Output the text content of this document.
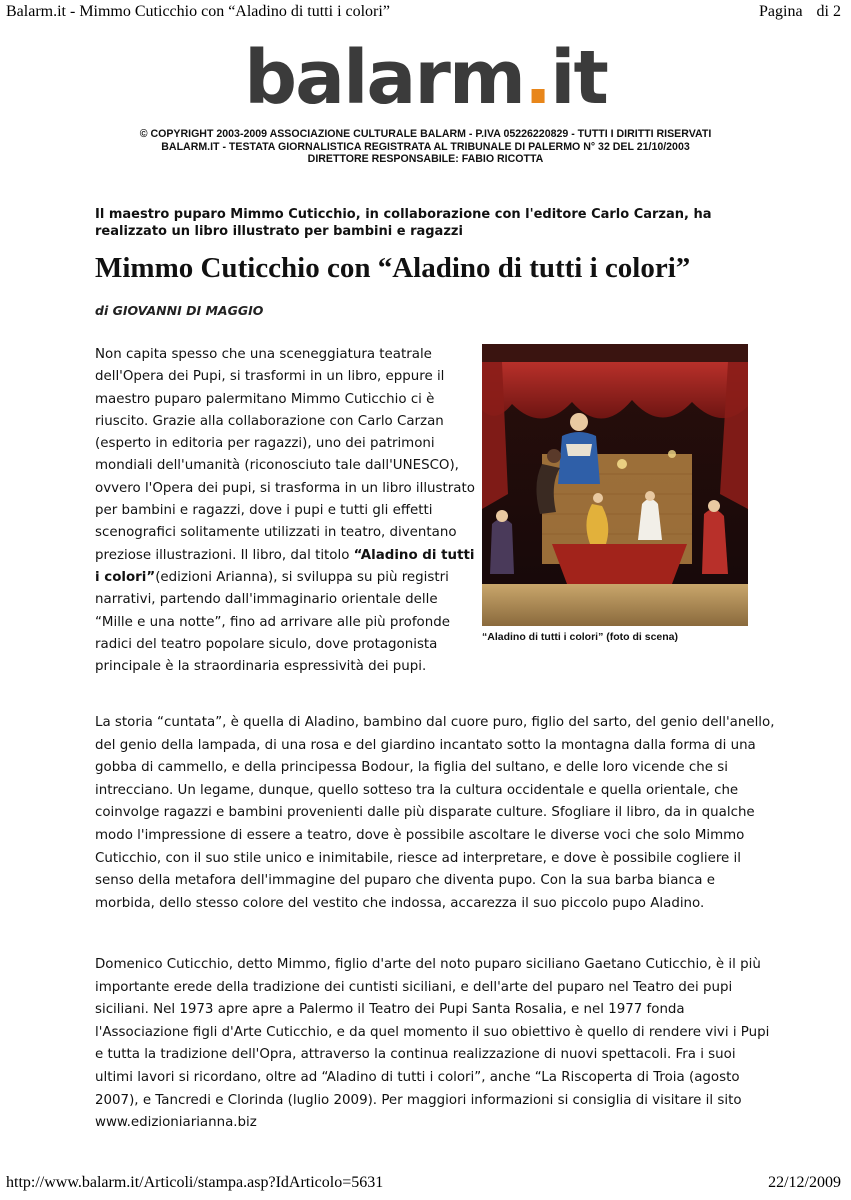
Balarm.it - Mimmo Cuticchio con “Aladino di tutti i colori”	Pagina di 2
balarm.it
© COPYRIGHT 2003-2009 ASSOCIAZIONE CULTURALE BALARM - P.IVA 05226220829 - TUTTI I DIRITTI RISERVATI
BALARM.IT - TESTATA GIORNALISTICA REGISTRATA AL TRIBUNALE DI PALERMO N° 32 DEL 21/10/2003
DIRETTORE RESPONSABILE: FABIO RICOTTA
Il maestro puparo Mimmo Cuticchio, in collaborazione con l'editore Carlo Carzan, ha realizzato un libro illustrato per bambini e ragazzi
Mimmo Cuticchio con “Aladino di tutti i colori”
di GIOVANNI DI MAGGIO
Non capita spesso che una sceneggiatura teatrale dell'Opera dei Pupi, si trasformi in un libro, eppure il maestro puparo palermitano Mimmo Cuticchio ci è riuscito. Grazie alla collaborazione con Carlo Carzan (esperto in editoria per ragazzi), uno dei patrimoni mondiali dell'umanità (riconosciuto tale dall'UNESCO), ovvero l'Opera dei pupi, si trasforma in un libro illustrato per bambini e ragazzi, dove i pupi e tutti gli effetti scenografici solitamente utilizzati in teatro, diventano preziose illustrazioni. Il libro, dal titolo “Aladino di tutti i colori”(edizioni Arianna), si sviluppa su più registri narrativi, partendo dall'immaginario orientale delle “Mille e una notte”, fino ad arrivare alle più profonde radici del teatro popolare siculo, dove protagonista principale è la straordinaria espressività dei pupi.
“Aladino di tutti i colori” (foto di scena)
La storia “cuntata”, è quella di Aladino, bambino dal cuore puro, figlio del sarto, del genio dell'anello, del genio della lampada, di una rosa e del giardino incantato sotto la montagna dalla forma di una gobba di cammello, e della principessa Bodour, la figlia del sultano, e delle loro vicende che si intrecciano. Un legame, dunque, quello sotteso tra la cultura occidentale e quella orientale, che coinvolge ragazzi e bambini provenienti dalle più disparate culture. Sfogliare il libro, da in qualche modo l'impressione di essere a teatro, dove è possibile ascoltare le diverse voci che solo Mimmo Cuticchio, con il suo stile unico e inimitabile, riesce ad interpretare, e dove è possibile cogliere il senso della metafora dell'immagine del puparo che diventa pupo. Con la sua barba bianca e morbida, dello stesso colore del vestito che indossa, accarezza il suo piccolo pupo Aladino.
Domenico Cuticchio, detto Mimmo, figlio d'arte del noto puparo siciliano Gaetano Cuticchio, è il più importante erede della tradizione dei cuntisti siciliani, e dell'arte del puparo nel Teatro dei pupi siciliani. Nel 1973 apre apre a Palermo il Teatro dei Pupi Santa Rosalia, e nel 1977 fonda l'Associazione figli d'Arte Cuticchio, e da quel momento il suo obiettivo è quello di rendere vivi i Pupi e tutta la tradizione dell'Opra, attraverso la continua realizzazione di nuovi spettacoli. Fra i suoi ultimi lavori si ricordano, oltre ad “Aladino di tutti i colori”, anche “La Riscoperta di Troia (agosto 2007), e Tancredi e Clorinda (luglio 2009). Per maggiori informazioni si consiglia di visitare il sito www.edizioniarianna.biz
http://www.balarm.it/Articoli/stampa.asp?IdArticolo=5631	22/12/2009
